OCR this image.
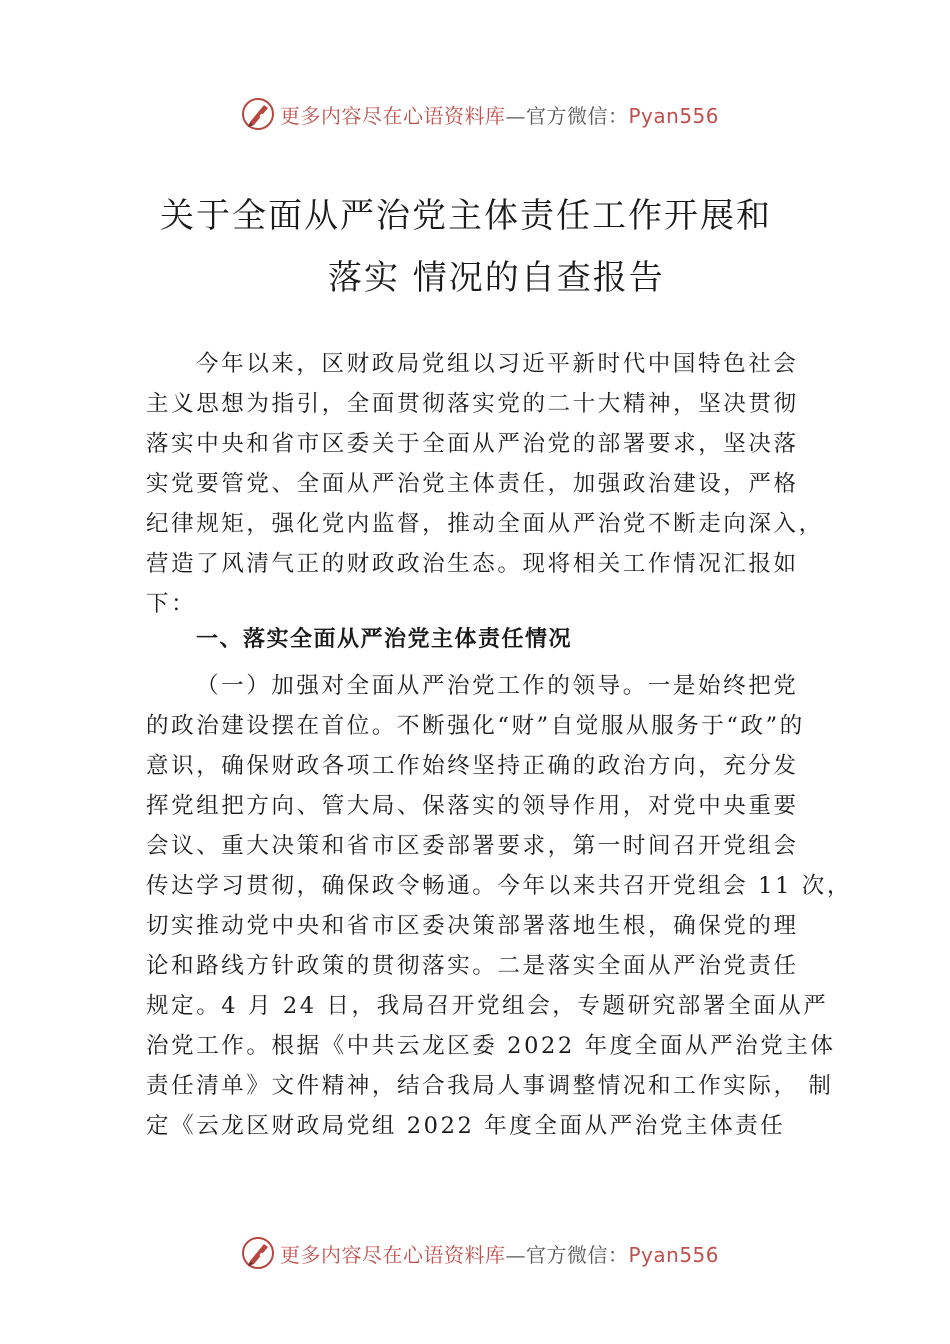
更多内容尽在心语资料库—官方微信：Pyan556
关于全面从严治党主体责任工作开展和
落实 情况的自查报告
今年以来，区财政局党组以习近平新时代中国特色社会
主义思想为指引，全面贯彻落实党的二十大精神，坚决贯彻
落实中央和省市区委关于全面从严治党的部署要求，坚决落
实党要管党、全面从严治党主体责任，加强政治建设，严格
纪律规矩，强化党内监督，推动全面从严治党不断走向深入，
营造了风清气正的财政政治生态。现将相关工作情况汇报如
下：
一、落实全面从严治党主体责任情况
（一）加强对全面从严治党工作的领导。一是始终把党
的政治建设摆在首位。不断强化“财”自觉服从服务于“政”的
意识，确保财政各项工作始终坚持正确的政治方向，充分发
挥党组把方向、管大局、保落实的领导作用，对党中央重要
会议、重大决策和省市区委部署要求，第一时间召开党组会
传达学习贯彻，确保政令畅通。今年以来共召开党组会 11 次，
切实推动党中央和省市区委决策部署落地生根，确保党的理
论和路线方针政策的贯彻落实。二是落实全面从严治党责任
规定。4 月 24 日，我局召开党组会，专题研究部署全面从严
治党工作。根据《中共云龙区委 2022 年度全面从严治党主体
责任清单》文件精神，结合我局人事调整情况和工作实际， 制
定《云龙区财政局党组 2022 年度全面从严治党主体责任
更多内容尽在心语资料库—官方微信：Pyan556
